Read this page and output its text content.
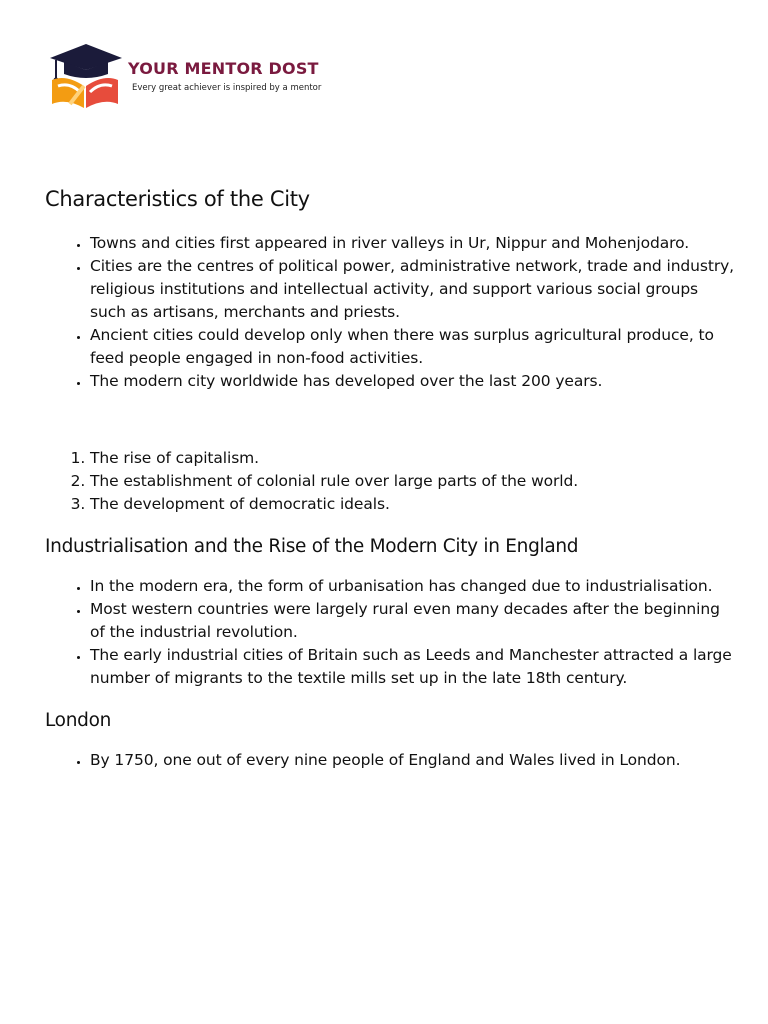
YOUR MENTOR DOST
Every great achiever is inspired by a mentor
Characteristics of the City
• Towns and cities first appeared in river valleys in Ur, Nippur and Mohenjodaro.
• Cities are the centres of political power, administrative network, trade and industry, religious institutions and intellectual activity, and support various social groups such as artisans, merchants and priests.
• Ancient cities could develop only when there was surplus agricultural produce, to feed people engaged in non-food activities.
• The modern city worldwide has developed over the last 200 years.
1. The rise of capitalism.
2. The establishment of colonial rule over large parts of the world.
3. The development of democratic ideals.
Industrialisation and the Rise of the Modern City in England
• In the modern era, the form of urbanisation has changed due to industrialisation.
• Most western countries were largely rural even many decades after the beginning of the industrial revolution.
• The early industrial cities of Britain such as Leeds and Manchester attracted a large number of migrants to the textile mills set up in the late 18th century.
London
• By 1750, one out of every nine people of England and Wales lived in London.
